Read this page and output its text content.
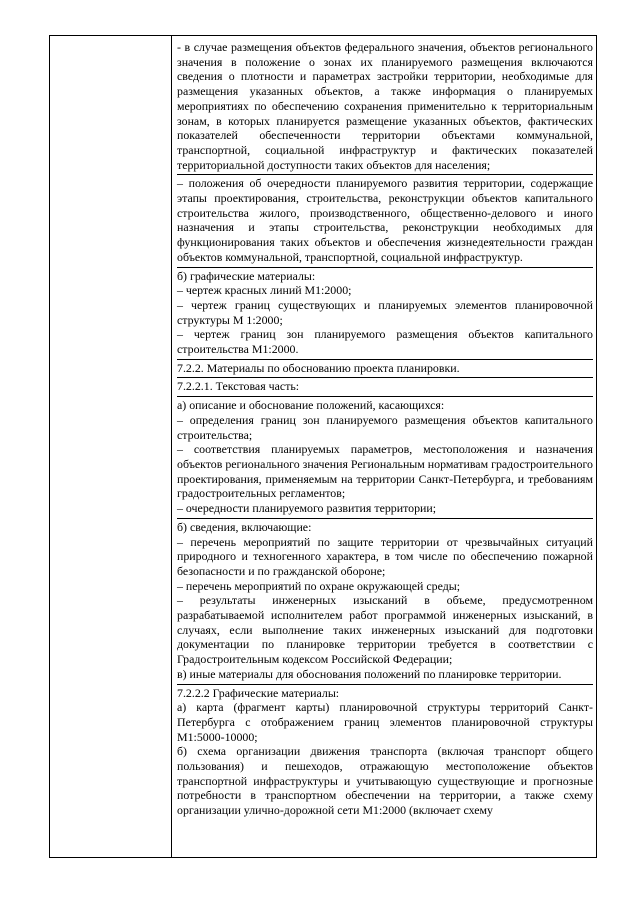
- в случае размещения объектов федерального значения, объектов регионального значения в положение о зонах их планируемого размещения включаются сведения о плотности и параметрах застройки территории, необходимые для размещения указанных объектов, а также информация о планируемых мероприятиях по обеспечению сохранения применительно к территориальным зонам, в которых планируется размещение указанных объектов, фактических показателей обеспеченности территории объектами коммунальной, транспортной, социальной инфраструктур и фактических показателей территориальной доступности таких объектов для населения;
– положения об очередности планируемого развития территории, содержащие этапы проектирования, строительства, реконструкции объектов капитального строительства жилого, производственного, общественно-делового и иного назначения и этапы строительства, реконструкции необходимых для функционирования таких объектов и обеспечения жизнедеятельности граждан объектов коммунальной, транспортной, социальной инфраструктур.
б) графические материалы:
– чертеж красных линий М1:2000;
– чертеж границ существующих и планируемых элементов планировочной структуры М 1:2000;
– чертеж границ зон планируемого размещения объектов капитального строительства М1:2000.
7.2.2. Материалы по обоснованию проекта планировки.
7.2.2.1. Текстовая часть:
а) описание и обоснование положений, касающихся:
– определения границ зон планируемого размещения объектов капитального строительства;
– соответствия планируемых параметров, местоположения и назначения объектов регионального значения Региональным нормативам градостроительного проектирования, применяемым на территории Санкт-Петербурга, и требованиям градостроительных регламентов;
– очередности планируемого развития территории;
б) сведения, включающие:
– перечень мероприятий по защите территории от чрезвычайных ситуаций природного и техногенного характера, в том числе по обеспечению пожарной безопасности и по гражданской обороне;
– перечень мероприятий по охране окружающей среды;
– результаты инженерных изысканий в объеме, предусмотренном разрабатываемой исполнителем работ программой инженерных изысканий, в случаях, если выполнение таких инженерных изысканий для подготовки документации по планировке территории требуется в соответствии с Градостроительным кодексом Российской Федерации;
в) иные материалы для обоснования положений по планировке территории.
7.2.2.2 Графические материалы:
а) карта (фрагмент карты) планировочной структуры территорий Санкт-Петербурга с отображением границ элементов планировочной структуры М1:5000-10000;
б) схема организации движения транспорта (включая транспорт общего пользования) и пешеходов, отражающую местоположение объектов транспортной инфраструктуры и учитывающую существующие и прогнозные потребности в транспортном обеспечении на территории, а также схему организации улично-дорожной сети М1:2000 (включает схему
